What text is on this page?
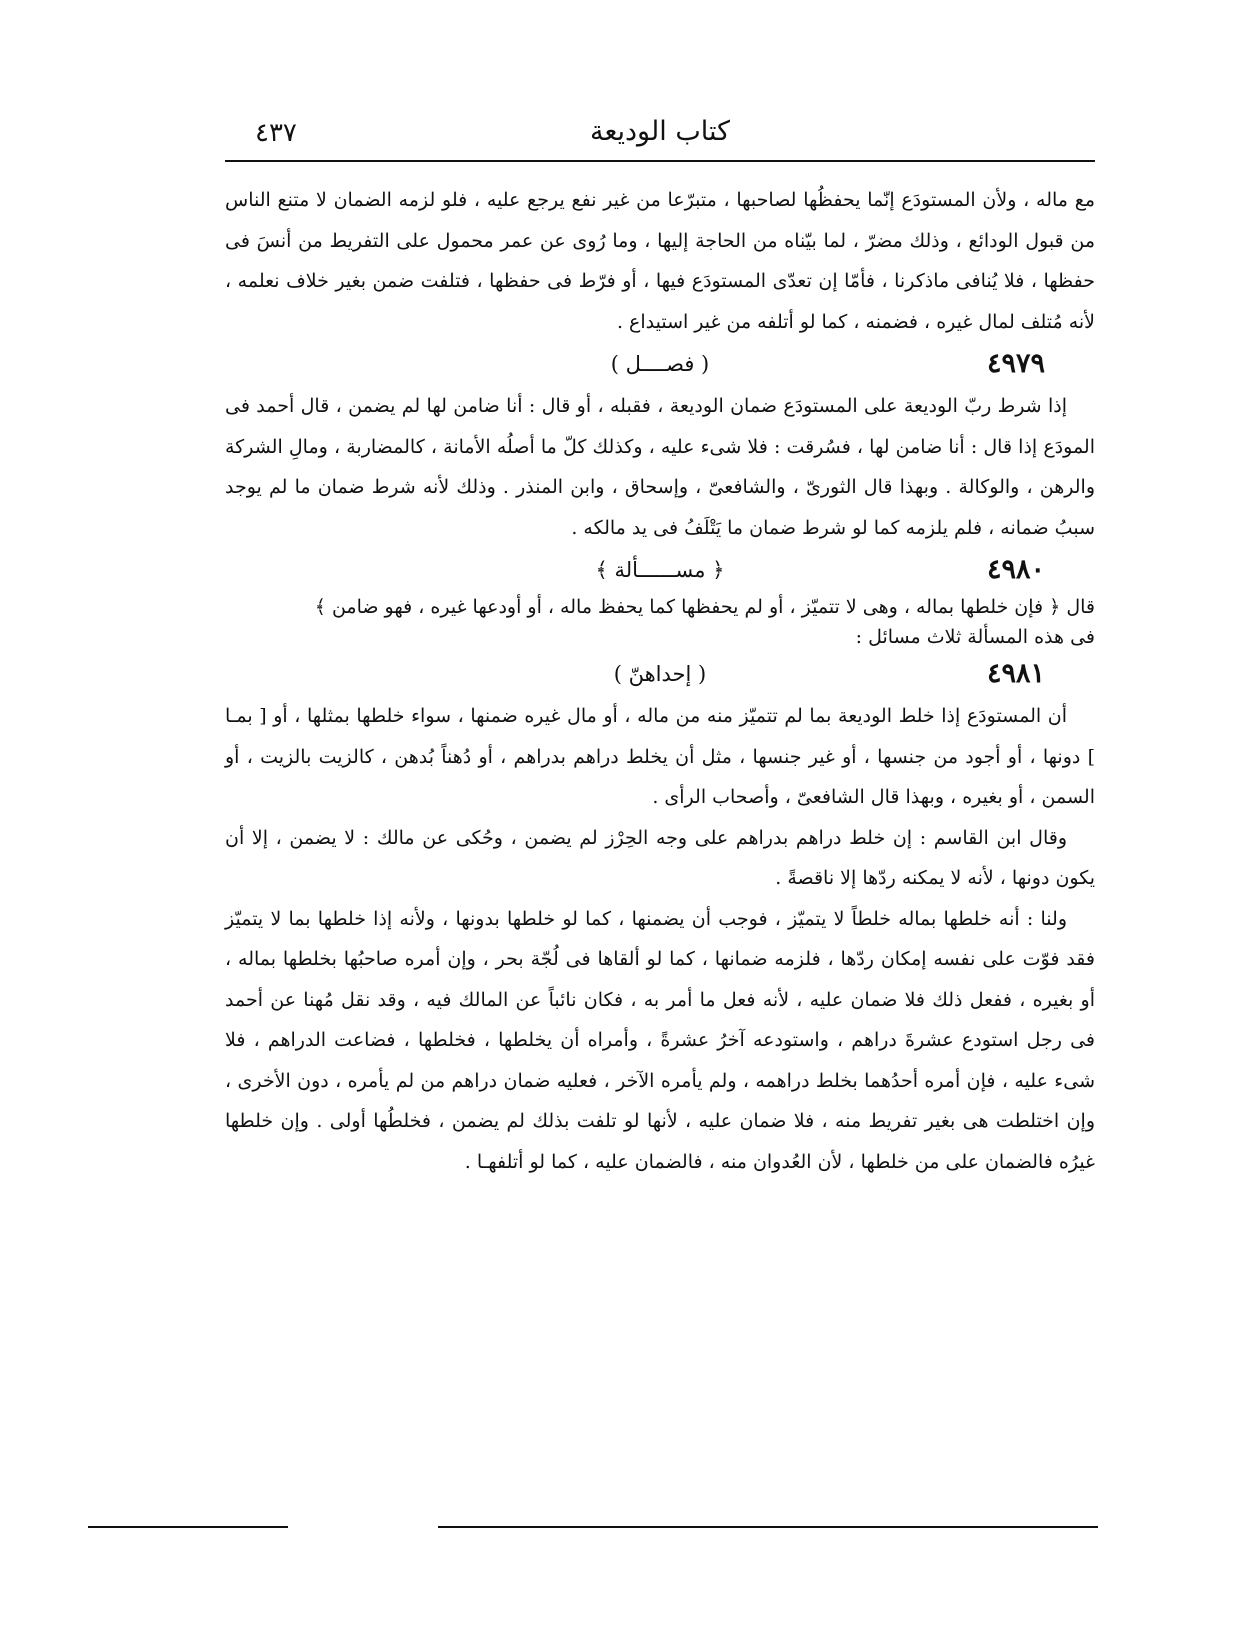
٤٣٧	كتاب الوديعة

مع ماله ، ولأن المستودَع إنّما يحفظُها لصاحبها ، متبرّعا من غير نفع يرجع عليه ، فلو لزمه الضمان لا متنع الناس من قبول الودائع ، وذلك مضرّ ، لما بيّناه من الحاجة إليها ، وما رُوى عن عمر محمول على التفريط من أنسَ فى حفظها ، فلا يُنافى ماذكرنا ، فأمّا إن تعدّى المستودَع فيها ، أو فرّط فى حفظها ، فتلفت ضمن بغير خلاف نعلمه ، لأنه مُتلف لمال غيره ، فضمنه ، كما لو أتلفه من غير استيداع .

٤٩٧٩
( فصــــل )

إذا شرط ربّ الوديعة على المستودَع ضمان الوديعة ، فقبله ، أو قال : أنا ضامن لها لم يضمن ، قال أحمد فى المودَع إذا قال : أنا ضامن لها ، فسُرقت : فلا شىء عليه ، وكذلك كلّ ما أصلُه الأمانة ، كالمضاربة ، ومالِ الشركة والرهن ، والوكالة . وبهذا قال الثورىّ ، والشافعىّ ، وإسحاق ، وابن المنذر . وذلك لأنه شرط ضمان ما لم يوجد سببُ ضمانه ، فلم يلزمه كما لو شرط ضمان ما يَتْلَفُ فى يد مالكه .

٤٩٨٠
﴿ مســــــألة ﴾

قال ﴿ فإن خلطها بماله ، وهى لا تتميّز ، أو لم يحفظها كما يحفظ ماله ، أو أودعها غيره ، فهو ضامن ﴾

فى هذه المسألة ثلاث مسائل :

٤٩٨١
( إحداهنّ )

أن المستودَع إذا خلط الوديعة بما لم تتميّز منه من ماله ، أو مال غيره ضمنها ، سواء خلطها بمثلها ، أو [ بمـا ] دونها ، أو أجود من جنسها ، أو غير جنسها ، مثل أن يخلط دراهم بدراهم ، أو دُهناً بُدهن ، كالزيت بالزيت ، أو السمن ، أو بغيره ، وبهذا قال الشافعىّ ، وأصحاب الرأى .

وقال ابن القاسم : إن خلط دراهم بدراهم على وجه الحِرْز لم يضمن ، وحُكى عن مالك : لا يضمن ، إلا أن يكون دونها ، لأنه لا يمكنه ردّها إلا ناقصةً .

ولنا : أنه خلطها بماله خلطاً لا يتميّز ، فوجب أن يضمنها ، كما لو خلطها بدونها ، ولأنه إذا خلطها بما لا يتميّز فقد فوّت على نفسه إمكان ردّها ، فلزمه ضمانها ، كما لو ألقاها فى لُجّة بحر ، وإن أمره صاحبُها بخلطها بماله ، أو بغيره ، ففعل ذلك فلا ضمان عليه ، لأنه فعل ما أمر به ، فكان نائباً عن المالك فيه ، وقد نقل مُهنا عن أحمد فى رجل استودع عشرةَ دراهم ، واستودعه آخرُ عشرةً ، وأمراه أن يخلطها ، فخلطها ، فضاعت الدراهم ، فلا شىء عليه ، فإن أمره أحدُهما بخلط دراهمه ، ولم يأمره الآخر ، فعليه ضمان دراهم من لم يأمره ، دون الأخرى ، وإن اختلطت هى بغير تفريط منه ، فلا ضمان عليه ، لأنها لو تلفت بذلك لم يضمن ، فخلطُها أولى . وإن خلطها غيرُه فالضمان على من خلطها ، لأن العُدوان منه ، فالضمان عليه ، كما لو أتلفهـا .
